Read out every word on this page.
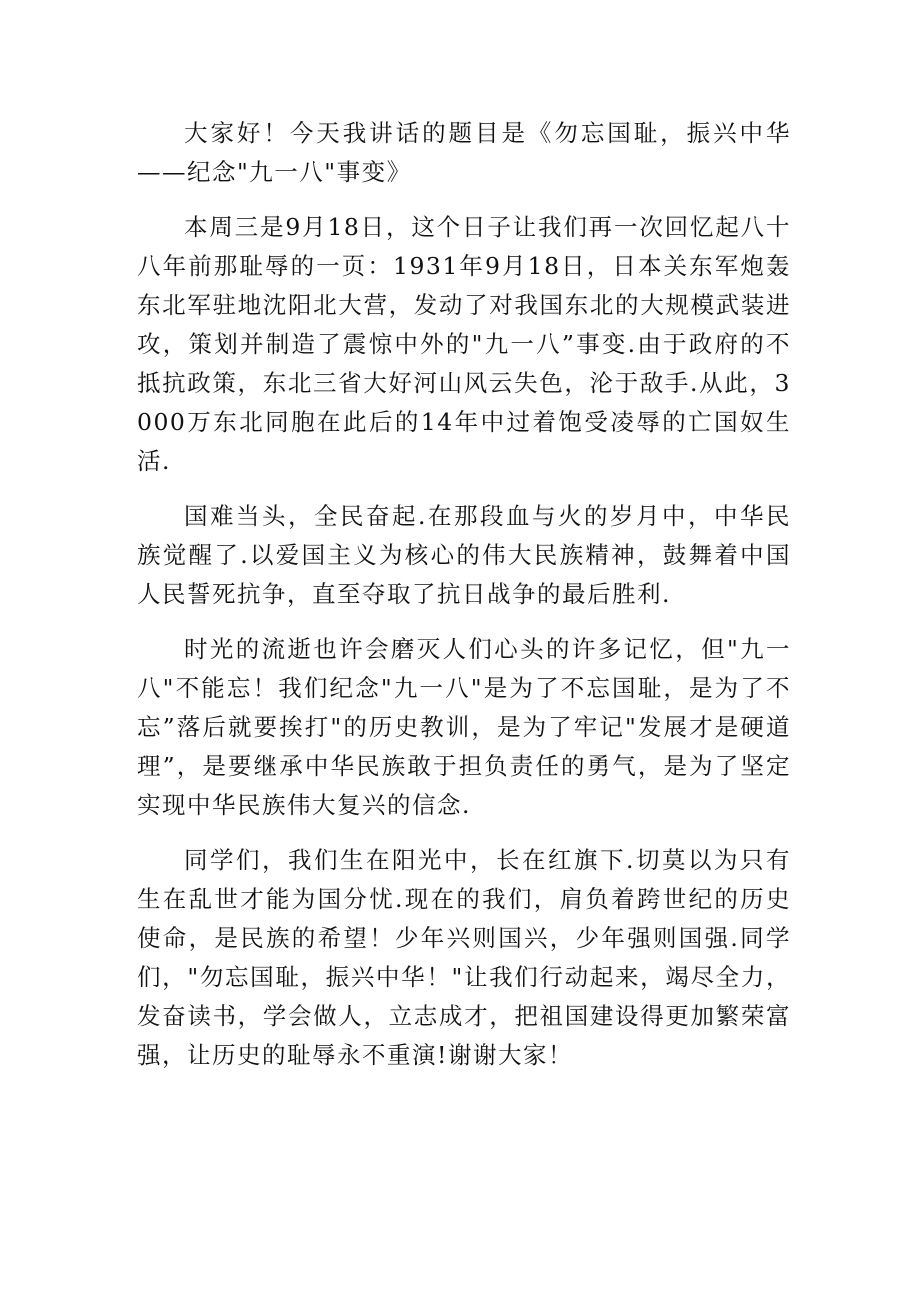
大家好！今天我讲话的题目是《勿忘国耻，振兴中华——纪念"九一八"事变》

本周三是9月18日，这个日子让我们再一次回忆起八十八年前那耻辱的一页：1931年9月18日，日本关东军炮轰东北军驻地沈阳北大营，发动了对我国东北的大规模武装进攻，策划并制造了震惊中外的"九一八”事变.由于政府的不抵抗政策，东北三省大好河山风云失色，沦于敌手.从此，3000万东北同胞在此后的14年中过着饱受凌辱的亡国奴生活.

国难当头，全民奋起.在那段血与火的岁月中，中华民族觉醒了.以爱国主义为核心的伟大民族精神，鼓舞着中国人民誓死抗争，直至夺取了抗日战争的最后胜利.

时光的流逝也许会磨灭人们心头的许多记忆，但"九一八"不能忘！我们纪念"九一八"是为了不忘国耻，是为了不忘”落后就要挨打"的历史教训，是为了牢记"发展才是硬道理”，是要继承中华民族敢于担负责任的勇气，是为了坚定实现中华民族伟大复兴的信念.

同学们，我们生在阳光中，长在红旗下.切莫以为只有生在乱世才能为国分忧.现在的我们，肩负着跨世纪的历史使命，是民族的希望！少年兴则国兴，少年强则国强.同学们，"勿忘国耻，振兴中华！"让我们行动起来，竭尽全力，发奋读书，学会做人，立志成才，把祖国建设得更加繁荣富强，让历史的耻辱永不重演!谢谢大家！
